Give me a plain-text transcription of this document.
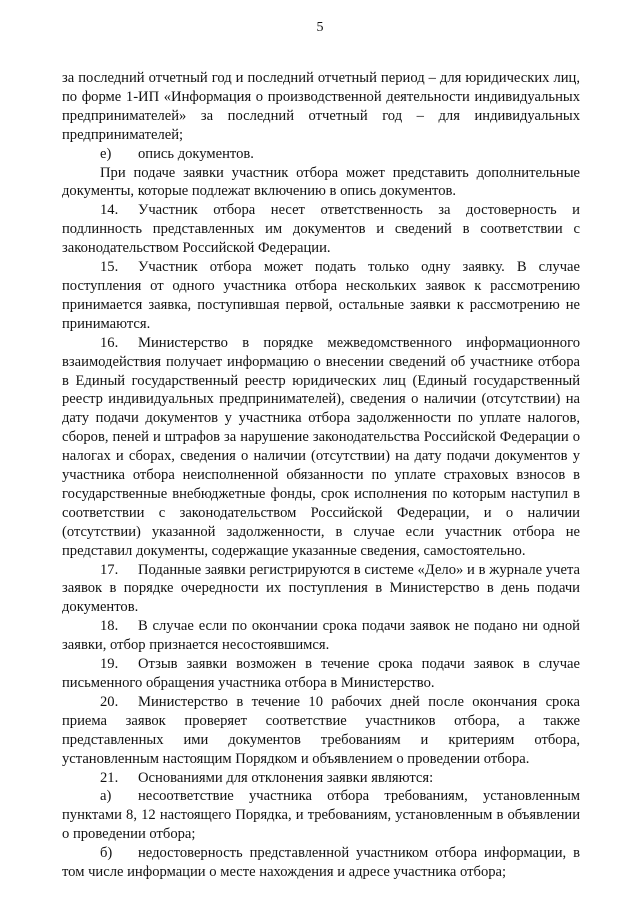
5

за последний отчетный год и последний отчетный период – для юридических лиц, по форме 1-ИП «Информация о производственной деятельности индивидуальных предпринимателей» за последний отчетный год – для индивидуальных предпринимателей;

е) опись документов.

При подаче заявки участник отбора может представить дополнительные документы, которые подлежат включению в опись документов.

14. Участник отбора несет ответственность за достоверность и подлинность представленных им документов и сведений в соответствии с законодательством Российской Федерации.

15. Участник отбора может подать только одну заявку. В случае поступления от одного участника отбора нескольких заявок к рассмотрению принимается заявка, поступившая первой, остальные заявки к рассмотрению не принимаются.

16. Министерство в порядке межведомственного информационного взаимодействия получает информацию о внесении сведений об участнике отбора в Единый государственный реестр юридических лиц (Единый государственный реестр индивидуальных предпринимателей), сведения о наличии (отсутствии) на дату подачи документов у участника отбора задолженности по уплате налогов, сборов, пеней и штрафов за нарушение законодательства Российской Федерации о налогах и сборах, сведения о наличии (отсутствии) на дату подачи документов у участника отбора неисполненной обязанности по уплате страховых взносов в государственные внебюджетные фонды, срок исполнения по которым наступил в соответствии с законодательством Российской Федерации, и о наличии (отсутствии) указанной задолженности, в случае если участник отбора не представил документы, содержащие указанные сведения, самостоятельно.

17. Поданные заявки регистрируются в системе «Дело» и в журнале учета заявок в порядке очередности их поступления в Министерство в день подачи документов.

18. В случае если по окончании срока подачи заявок не подано ни одной заявки, отбор признается несостоявшимся.

19. Отзыв заявки возможен в течение срока подачи заявок в случае письменного обращения участника отбора в Министерство.

20. Министерство в течение 10 рабочих дней после окончания срока приема заявок проверяет соответствие участников отбора, а также представленных ими документов требованиям и критериям отбора, установленным настоящим Порядком и объявлением о проведении отбора.

21. Основаниями для отклонения заявки являются:

а) несоответствие участника отбора требованиям, установленным пунктами 8, 12 настоящего Порядка, и требованиям, установленным в объявлении о проведении отбора;

б) недостоверность представленной участником отбора информации, в том числе информации о месте нахождения и адресе участника отбора;
